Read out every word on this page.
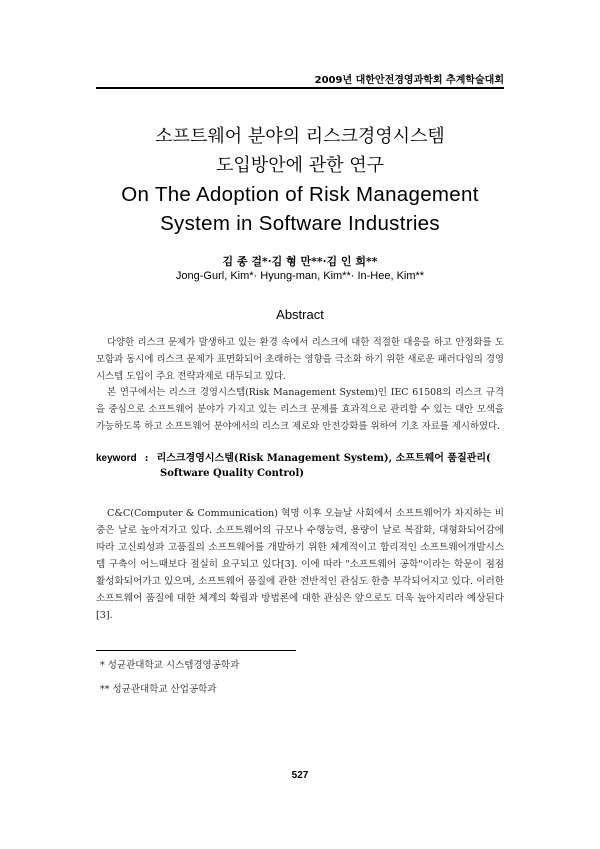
2009년 대한안전경영과학회 추계학술대회
소프트웨어 분야의 리스크경영시스템
도입방안에 관한 연구
On The Adoption of Risk Management
System in Software Industries
김 종 걸*·김 형 만**·김 인 희**
Jong-Gurl, Kim*· Hyung-man, Kim**· In-Hee, Kim**
Abstract

다양한 리스크 문제가 발생하고 있는 환경 속에서 리스크에 대한 적절한 대응을 하고 안정화를 도모함과 동시에 리스크 문제가 표면화되어 초래하는 영향을 극소화 하기 위한 새로운 패러다임의 경영시스템 도입이 주요 전략과제로 대두되고 있다.

본 연구에서는 리스크 경영시스템(Risk Management System)인 IEC 61508의 리스크 규격을 중심으로 소프트웨어 분야가 가지고 있는 리스크 문제를 효과적으로 관리할 수 있는 대안 모색을 가능하도록 하고 소프트웨어 분야에서의 리스크 제로와 안전강화를 위하여 기초 자료를 제시하였다.

keyword : 리스크경영시스템(Risk Management System), 소프트웨어 품질관리(
Software Quality Control)

C&C(Computer & Communication) 혁명 이후 오늘날 사회에서 소프트웨어가 차지하는 비중은 날로 높아져가고 있다. 소프트웨어의 규모나 수행능력, 용량이 날로 복잡화, 대형화되어감에 따라 고신뢰성과 고품질의 소프트웨어를 개발하기 위한 체계적이고 합리적인 소프트웨어개발시스템 구축이 어느때보다 절실히 요구되고 있다[3]. 이에 따라 "소프트웨어 공학"이라는 학문이 점점 활성화되어가고 있으며, 소프트웨어 품질에 관한 전반적인 관심도 한층 부각되어지고 있다. 이러한 소프트웨어 품질에 대한 체계의 확립과 방법론에 대한 관심은 앞으로도 더욱 높아지리라 예상된다[3].

* 성균관대학교 시스템경영공학과
** 성균관대학교 산업공학과
527
